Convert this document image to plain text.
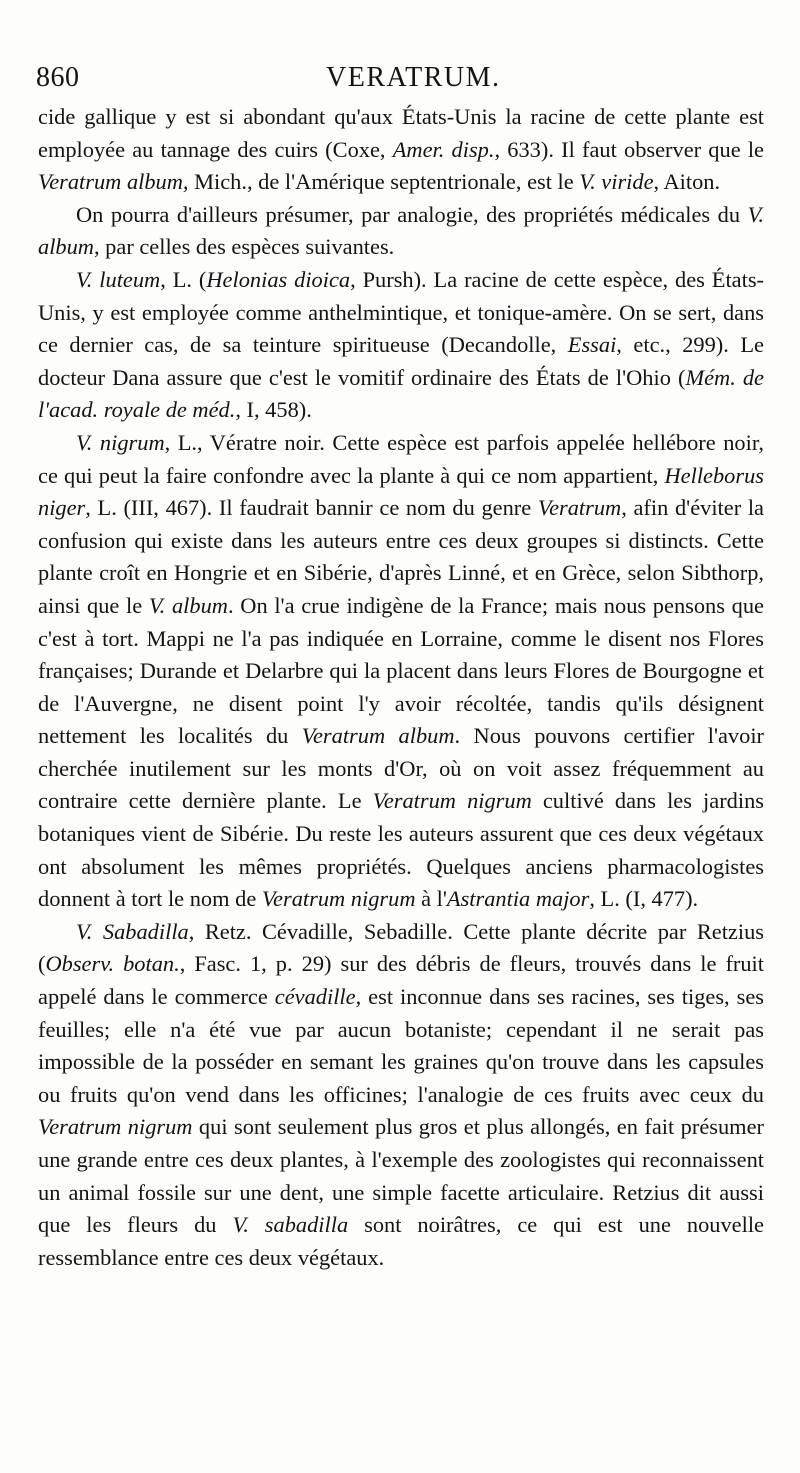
860	VERATRUM.

cide gallique y est si abondant qu'aux États-Unis la racine de cette plante est employée au tannage des cuirs (Coxe, Amer. disp., 633). Il faut observer que le Veratrum album, Mich., de l'Amérique septentrionale, est le V. viride, Aiton.

On pourra d'ailleurs présumer, par analogie, des propriétés médicales du V. album, par celles des espèces suivantes.

V. luteum, L. (Helonias dioica, Pursh). La racine de cette espèce, des États-Unis, y est employée comme anthelmintique, et tonique-amère. On se sert, dans ce dernier cas, de sa teinture spiritueuse (Decandolle, Essai, etc., 299). Le docteur Dana assure que c'est le vomitif ordinaire des États de l'Ohio (Mém. de l'acad. royale de méd., I, 458).

V. nigrum, L., Vératre noir. Cette espèce est parfois appelée hellébore noir, ce qui peut la faire confondre avec la plante à qui ce nom appartient, Helleborus niger, L. (III, 467). Il faudrait bannir ce nom du genre Veratrum, afin d'éviter la confusion qui existe dans les auteurs entre ces deux groupes si distincts. Cette plante croît en Hongrie et en Sibérie, d'après Linné, et en Grèce, selon Sibthorp, ainsi que le V. album. On l'a crue indigène de la France; mais nous pensons que c'est à tort. Mappi ne l'a pas indiquée en Lorraine, comme le disent nos Flores françaises; Durande et Delarbre qui la placent dans leurs Flores de Bourgogne et de l'Auvergne, ne disent point l'y avoir récoltée, tandis qu'ils désignent nettement les localités du Veratrum album. Nous pouvons certifier l'avoir cherchée inutilement sur les monts d'Or, où on voit assez fréquemment au contraire cette dernière plante. Le Veratrum nigrum cultivé dans les jardins botaniques vient de Sibérie. Du reste les auteurs assurent que ces deux végétaux ont absolument les mêmes propriétés. Quelques anciens pharmacologistes donnent à tort le nom de Veratrum nigrum à l'Astrantia major, L. (I, 477).

V. Sabadilla, Retz. Cévadille, Sebadille. Cette plante décrite par Retzius (Observ. botan., Fasc. 1, p. 29) sur des débris de fleurs, trouvés dans le fruit appelé dans le commerce cévadille, est inconnue dans ses racines, ses tiges, ses feuilles; elle n'a été vue par aucun botaniste; cependant il ne serait pas impossible de la posséder en semant les graines qu'on trouve dans les capsules ou fruits qu'on vend dans les officines; l'analogie de ces fruits avec ceux du Veratrum nigrum qui sont seulement plus gros et plus allongés, en fait présumer une grande entre ces deux plantes, à l'exemple des zoologistes qui reconnaissent un animal fossile sur une dent, une simple facette articulaire. Retzius dit aussi que les fleurs du V. sabadilla sont noirâtres, ce qui est une nouvelle ressemblance entre ces deux végétaux.
